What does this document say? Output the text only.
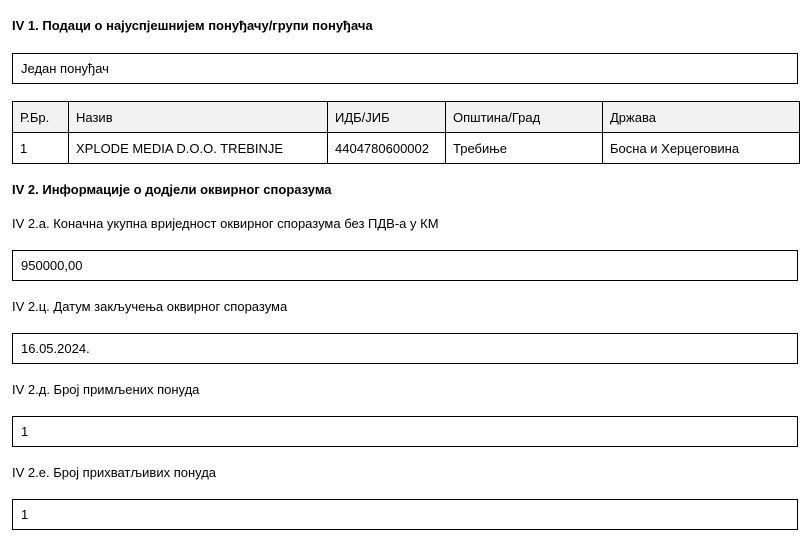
IV 1. Подаци о најуспјешнијем понуђачу/групи понуђача
Један понуђач
Р.Бр.	Назив	ИДБ/ЈИБ	Општина/Град	Држава
1	XPLODE MEDIA D.O.O. TREBINJE	4404780600002	Требиње	Босна и Херцеговина
IV 2. Информације о додјели оквирног споразума
IV 2.а. Коначна укупна вриједност оквирног споразума без ПДВ-а у КМ
950000,00
IV 2.ц. Датум закључења оквирног споразума
16.05.2024.
IV 2.д. Број примљених понуда
1
IV 2.е. Број прихватљивих понуда
1
